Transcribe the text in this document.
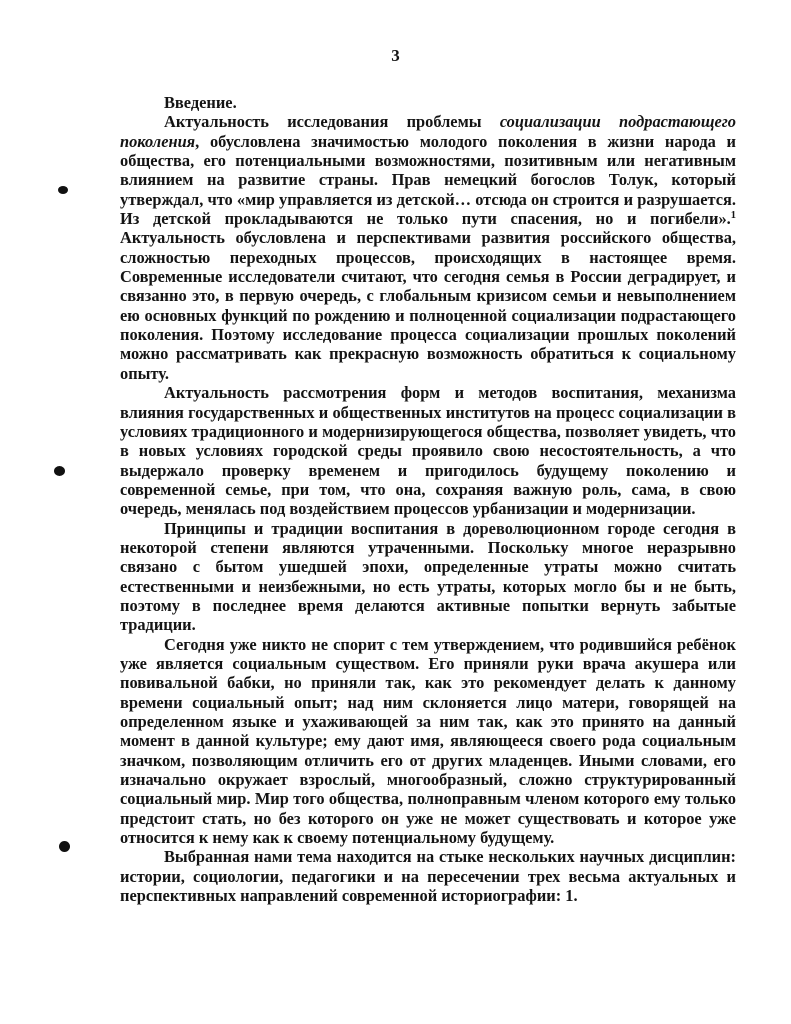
3

Введение.

Актуальность исследования проблемы социализации подрастающего поколения, обусловлена значимостью молодого поколения в жизни народа и общества, его потенциальными возможностями, позитивным или негативным влиянием на развитие страны. Прав немецкий богослов Толук, который утверждал, что «мир управляется из детской… отсюда он строится и разрушается. Из детской прокладываются не только пути спасения, но и погибели».$^1$ Актуальность обусловлена и перспективами развития российского общества, сложностью переходных процессов, происходящих в настоящее время. Современные исследователи считают, что сегодня семья в России деградирует, и связанно это, в первую очередь, с глобальным кризисом семьи и невыполнением ею основных функций по рождению и полноценной социализации подрастающего поколения. Поэтому исследование процесса социализации прошлых поколений можно рассматривать как прекрасную возможность обратиться к социальному опыту.

Актуальность рассмотрения форм и методов воспитания, механизма влияния государственных и общественных институтов на процесс социализации в условиях традиционного и модернизирующегося общества, позволяет увидеть, что в новых условиях городской среды проявило свою несостоятельность, а что выдержало проверку временем и пригодилось будущему поколению и современной семье, при том, что она, сохраняя важную роль, сама, в свою очередь, менялась под воздействием процессов урбанизации и модернизации.

Принципы и традиции воспитания в дореволюционном городе сегодня в некоторой степени являются утраченными. Поскольку многое неразрывно связано с бытом ушедшей эпохи, определенные утраты можно считать естественными и неизбежными, но есть утраты, которых могло бы и не быть, поэтому в последнее время делаются активные попытки вернуть забытые традиции.

Сегодня уже никто не спорит с тем утверждением, что родившийся ребёнок уже является социальным существом. Его приняли руки врача акушера или повивальной бабки, но приняли так, как это рекомендует делать к данному времени социальный опыт; над ним склоняется лицо матери, говорящей на определенном языке и ухаживающей за ним так, как это принято на данный момент в данной культуре; ему дают имя, являющееся своего рода социальным значком, позволяющим отличить его от других младенцев. Иными словами, его изначально окружает взрослый, многообразный, сложно структурированный социальный мир. Мир того общества, полноправным членом которого ему только предстоит стать, но без которого он уже не может существовать и которое уже относится к нему как к своему потенциальному будущему.

Выбранная нами тема находится на стыке нескольких научных дисциплин: истории, социологии, педагогики и на пересечении трех весьма актуальных и перспективных направлений современной историографии: 1.
